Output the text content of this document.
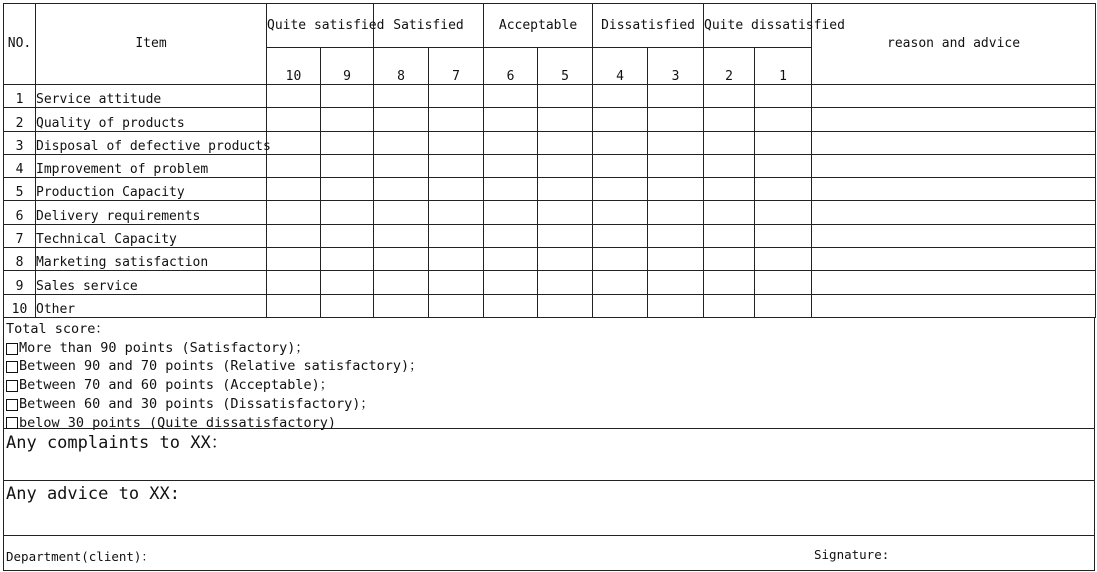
NO.	Item	Quite satisfied		Satisfied		Acceptable		Dissatisfied		Quite dissatisfied		reason and advice
		10	9	8	7	6	5	4	3	2	1	
1	Service attitude											
2	Quality of products											
3	Disposal of defective products											
4	Improvement of problem											
5	Production Capacity											
6	Delivery requirements											
7	Technical Capacity											
8	Marketing satisfaction											
9	Sales service											
10	Other											
Total score：
More than 90 points (Satisfactory)；
Between 90 and 70 points (Relative satisfactory)；
Between 70 and 60 points (Acceptable)；
Between 60 and 30 points (Dissatisfactory)；
below 30 points (Quite dissatisfactory)
Any complaints to XX：
Any advice to XX:
Department(client)：	Signature:
